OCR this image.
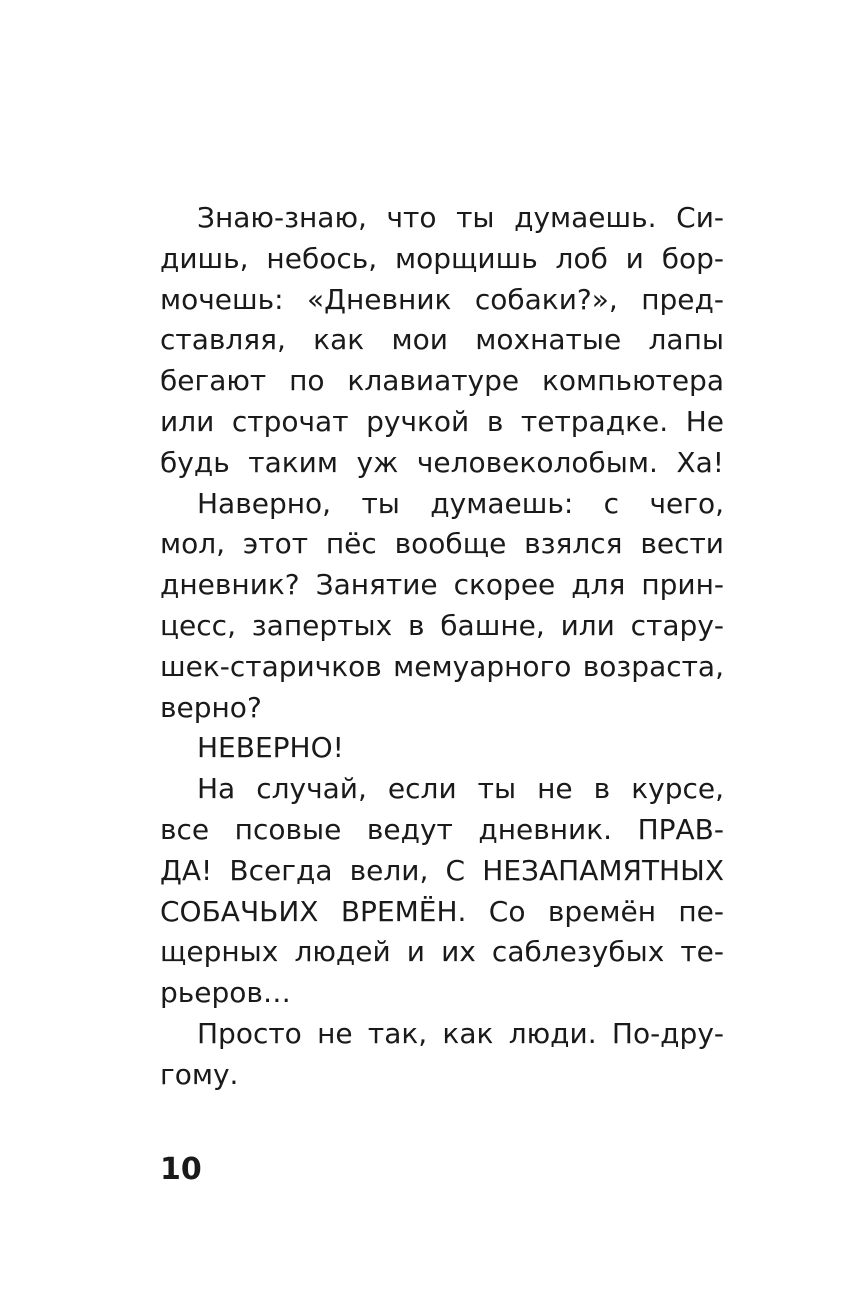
Знаю-знаю, что ты думаешь. Си-
дишь, небось, морщишь лоб и бор-
мочешь: «Дневник собаки?», пред-
ставляя, как мои мохнатые лапы
бегают по клавиатуре компьютера
или строчат ручкой в тетрадке. Не
будь таким уж человеколобым. Ха!
Наверно, ты думаешь: с чего,
мол, этот пёс вообще взялся вести
дневник? Занятие скорее для прин-
цесс, запертых в башне, или стару-
шек-старичков мемуарного возраста,
верно?
НЕВЕРНО!
На случай, если ты не в курсе,
все псовые ведут дневник. ПРАВ-
ДА! Всегда вели, С НЕЗАПАМЯТНЫХ
СОБАЧЬИХ ВРЕМЁН. Со времён пе-
щерных людей и их саблезубых те-
рьеров…
Просто не так, как люди. По-дру-
гому.
10
